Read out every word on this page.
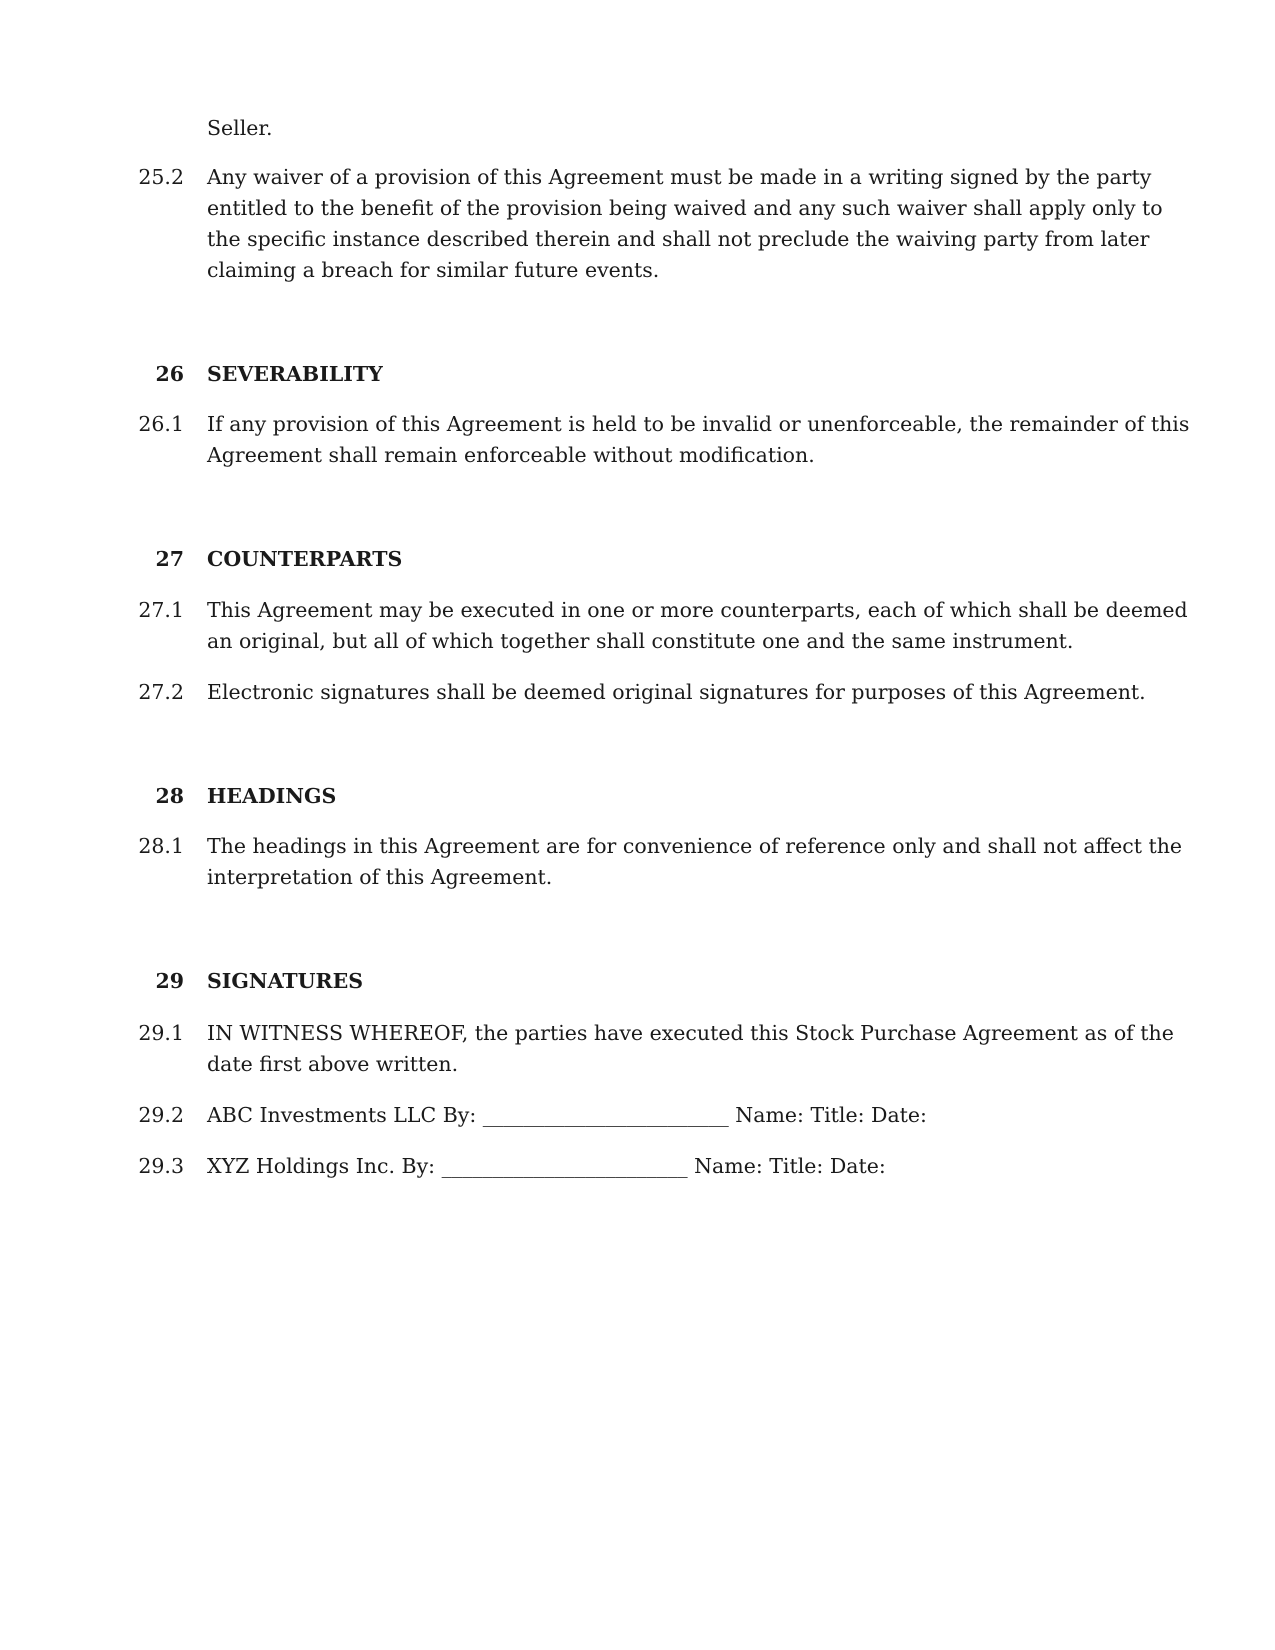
Seller.
25.2 Any waiver of a provision of this Agreement must be made in a writing signed by the party
entitled to the benefit of the provision being waived and any such waiver shall apply only to
the specific instance described therein and shall not preclude the waiving party from later
claiming a breach for similar future events.
26 SEVERABILITY
26.1 If any provision of this Agreement is held to be invalid or unenforceable, the remainder of this
Agreement shall remain enforceable without modification.
27 COUNTERPARTS
27.1 This Agreement may be executed in one or more counterparts, each of which shall be deemed
an original, but all of which together shall constitute one and the same instrument.
27.2 Electronic signatures shall be deemed original signatures for purposes of this Agreement.
28 HEADINGS
28.1 The headings in this Agreement are for convenience of reference only and shall not affect the
interpretation of this Agreement.
29 SIGNATURES
29.1 IN WITNESS WHEREOF, the parties have executed this Stock Purchase Agreement as of the
date first above written.
29.2 ABC Investments LLC By: ________________________ Name: Title: Date:
29.3 XYZ Holdings Inc. By: ________________________ Name: Title: Date:
